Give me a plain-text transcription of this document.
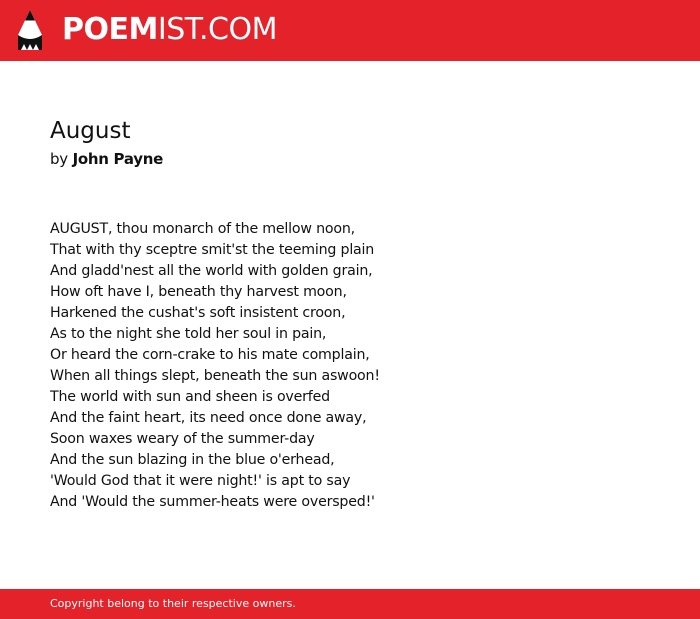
POEMIST.COM
August
by John Payne
AUGUST, thou monarch of the mellow noon,
That with thy sceptre smit'st the teeming plain
And gladd'nest all the world with golden grain,
How oft have I, beneath thy harvest moon,
Harkened the cushat's soft insistent croon,
As to the night she told her soul in pain,
Or heard the corn-crake to his mate complain,
When all things slept, beneath the sun aswoon!
The world with sun and sheen is overfed
And the faint heart, its need once done away,
Soon waxes weary of the summer-day
And the sun blazing in the blue o'erhead,
'Would God that it were night!' is apt to say
And 'Would the summer-heats were oversped!'
Copyright belong to their respective owners.
